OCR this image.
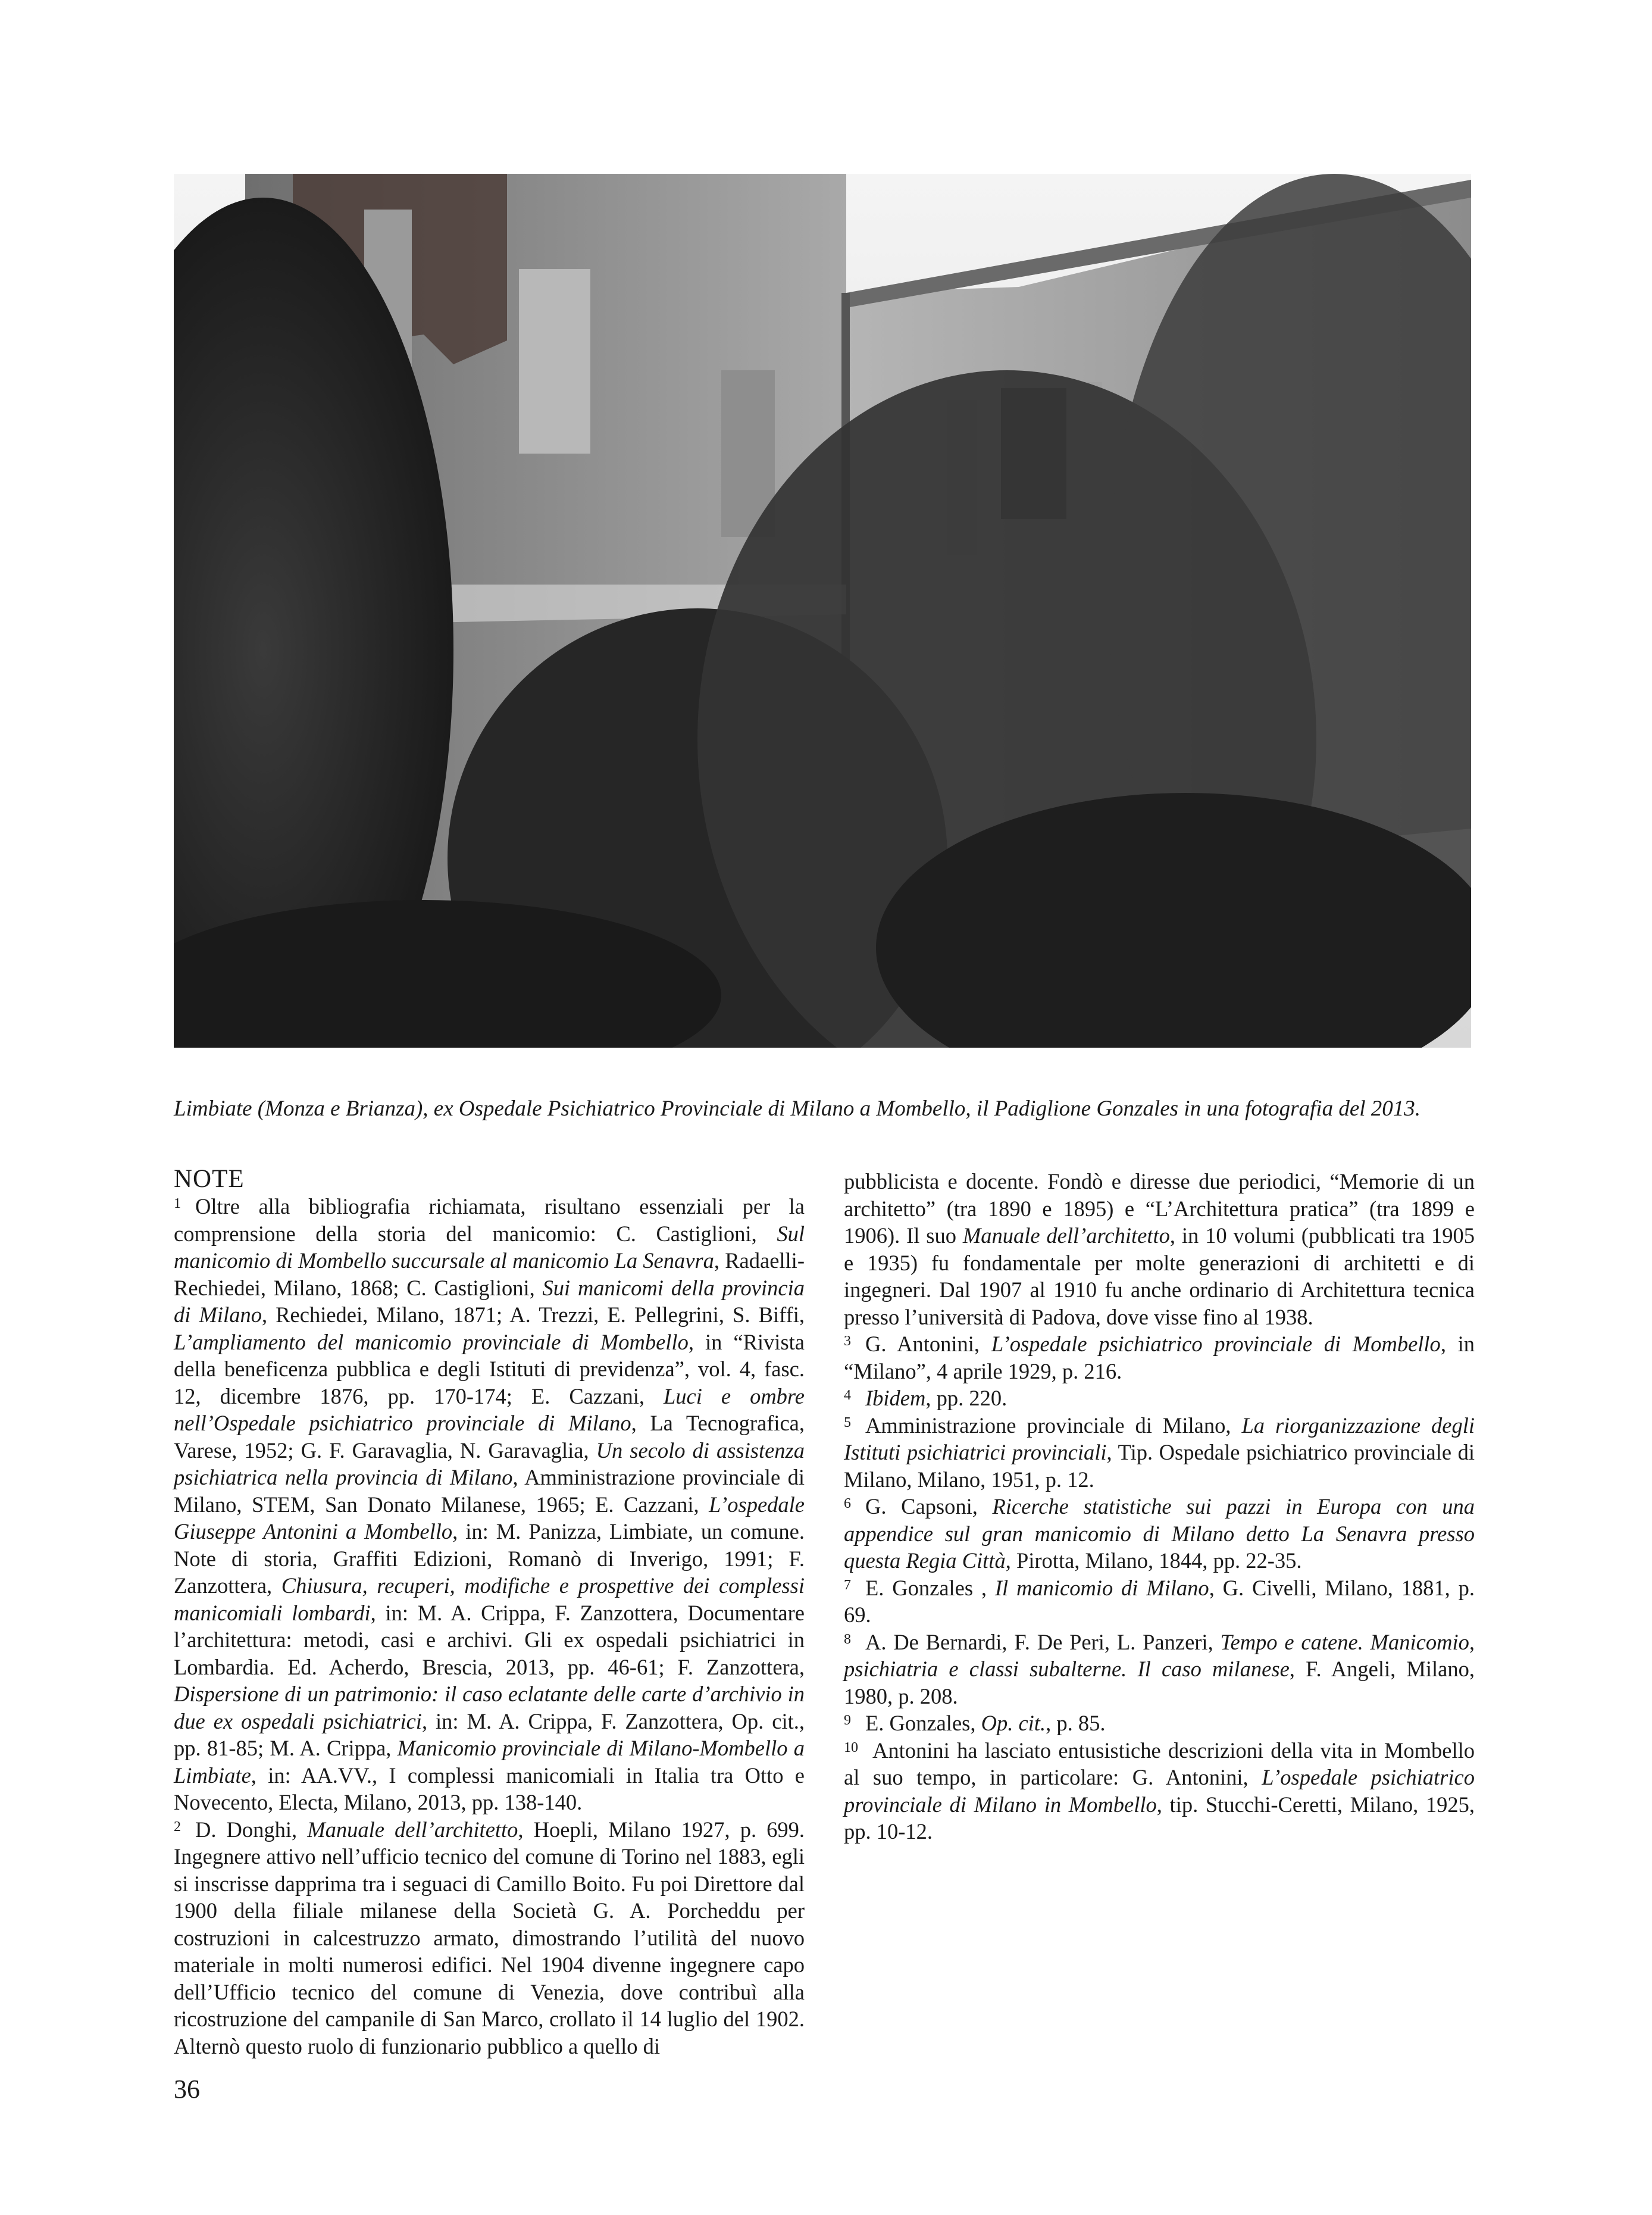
Limbiate (Monza e Brianza), ex Ospedale Psichiatrico Provinciale di Milano a Mombello, il Padiglione Gonzales in una fotografia del 2013.

NOTE

$^1$ Oltre alla bibliografia richiamata, risultano essenziali per la comprensione della storia del manicomio: C. Castiglioni, Sul manicomio di Mombello succursale al manicomio La Senavra, Radaelli-Rechiedei, Milano, 1868; C. Castiglioni, Sui manicomi della provincia di Milano, Rechiedei, Milano, 1871; A. Trezzi, E. Pellegrini, S. Biffi, L’ampliamento del manicomio provinciale di Mombello, in “Rivista della beneficenza pubblica e degli Istituti di previdenza”, vol. 4, fasc. 12, dicembre 1876, pp. 170-174; E. Cazzani, Luci e ombre nell’Ospedale psichiatrico provinciale di Milano, La Tecnografica, Varese, 1952; G. F. Garavaglia, N. Garavaglia, Un secolo di assistenza psichiatrica nella provincia di Milano, Amministrazione provinciale di Milano, STEM, San Donato Milanese, 1965; E. Cazzani, L’ospedale Giuseppe Antonini a Mombello, in: M. Panizza, Limbiate, un comune. Note di storia, Graffiti Edizioni, Romanò di Inverigo, 1991; F. Zanzottera, Chiusura, recuperi, modifiche e prospettive dei complessi manicomiali lombardi, in: M. A. Crippa, F. Zanzottera, Documentare l’architettura: metodi, casi e archivi. Gli ex ospedali psichiatrici in Lombardia. Ed. Acherdo, Brescia, 2013, pp. 46-61; F. Zanzottera, Dispersione di un patrimonio: il caso eclatante delle carte d’archivio in due ex ospedali psichiatrici, in: M. A. Crippa, F. Zanzottera, Op. cit., pp. 81-85; M. A. Crippa, Manicomio provinciale di Milano-Mombello a Limbiate, in: AA.VV., I complessi manicomiali in Italia tra Otto e Novecento, Electa, Milano, 2013, pp. 138-140.

$^2$ D. Donghi, Manuale dell’architetto, Hoepli, Milano 1927, p. 699. Ingegnere attivo nell’ufficio tecnico del comune di Torino nel 1883, egli si inscrisse dapprima tra i seguaci di Camillo Boito. Fu poi Direttore dal 1900 della filiale milanese della Società G. A. Porcheddu per costruzioni in calcestruzzo armato, dimostrando l’utilità del nuovo materiale in molti numerosi edifici. Nel 1904 divenne ingegnere capo dell’Ufficio tecnico del comune di Venezia, dove contribuì alla ricostruzione del campanile di San Marco, crollato il 14 luglio del 1902. Alternò questo ruolo di funzionario pubblico a quello di

pubblicista e docente. Fondò e diresse due periodici, “Memorie di un architetto” (tra 1890 e 1895) e “L’Architettura pratica” (tra 1899 e 1906). Il suo Manuale dell’architetto, in 10 volumi (pubblicati tra 1905 e 1935) fu fondamentale per molte generazioni di architetti e di ingegneri. Dal 1907 al 1910 fu anche ordinario di Architettura tecnica presso l’università di Padova, dove visse fino al 1938.

$^3$ G. Antonini, L’ospedale psichiatrico provinciale di Mombello, in “Milano”, 4 aprile 1929, p. 216.

$^4$ Ibidem, pp. 220.

$^5$ Amministrazione provinciale di Milano, La riorganizzazione degli Istituti psichiatrici provinciali, Tip. Ospedale psichiatrico provinciale di Milano, Milano, 1951, p. 12.

$^6$ G. Capsoni, Ricerche statistiche sui pazzi in Europa con una appendice sul gran manicomio di Milano detto La Senavra presso questa Regia Città, Pirotta, Milano, 1844, pp. 22-35.

$^7$ E. Gonzales , Il manicomio di Milano, G. Civelli, Milano, 1881, p. 69.

$^8$ A. De Bernardi, F. De Peri, L. Panzeri, Tempo e catene. Manicomio, psichiatria e classi subalterne. Il caso milanese, F. Angeli, Milano, 1980, p. 208.

$^9$ E. Gonzales, Op. cit., p. 85.

$^{10}$ Antonini ha lasciato entusistiche descrizioni della vita in Mombello al suo tempo, in particolare: G. Antonini, L’ospedale psichiatrico provinciale di Milano in Mombello, tip. Stucchi-Ceretti, Milano, 1925, pp. 10-12.

36
